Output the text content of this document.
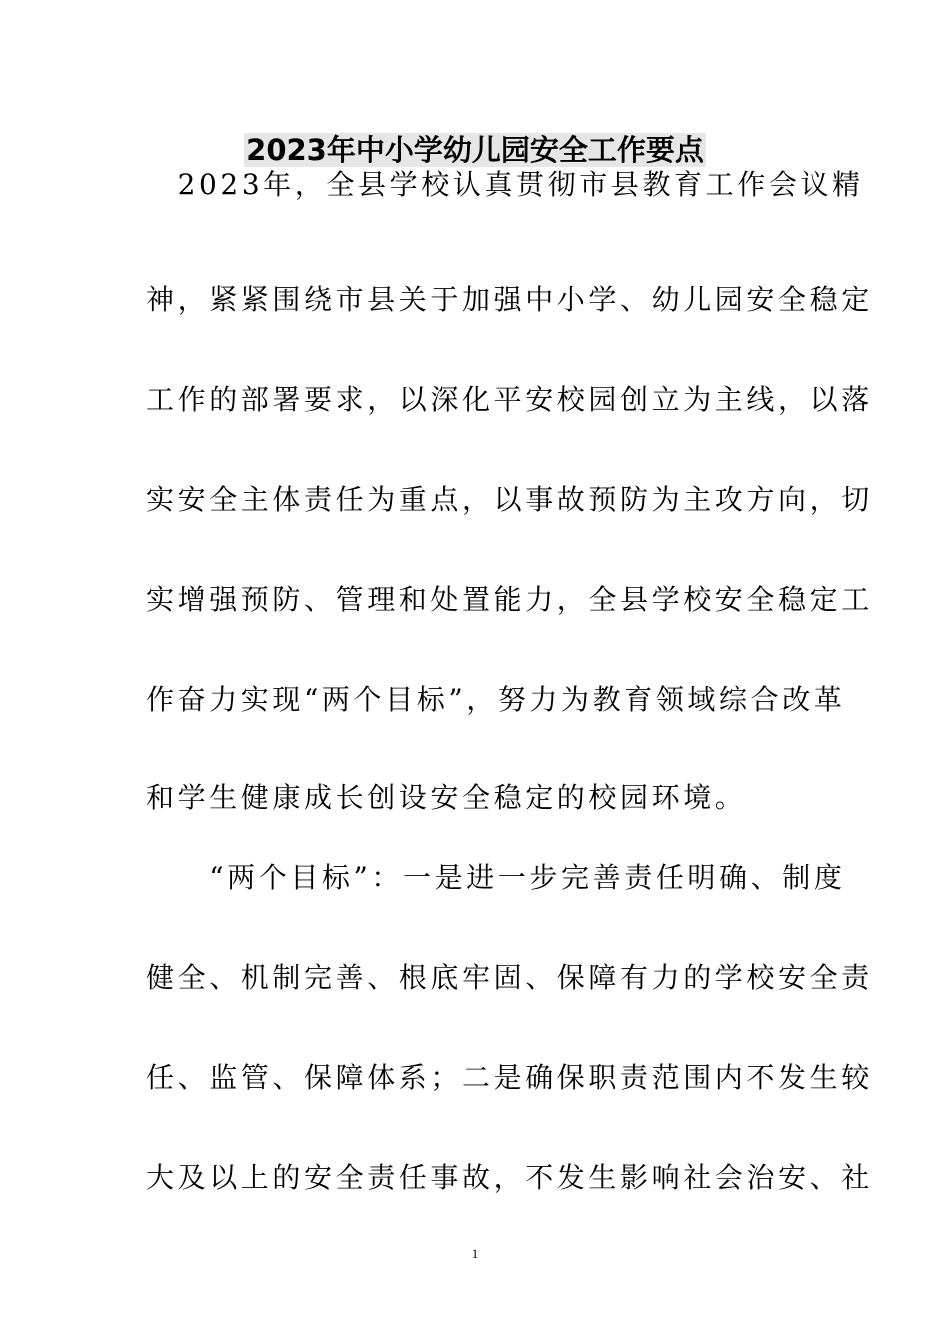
2023年中小学幼儿园安全工作要点
　2023年，全县学校认真贯彻市县教育工作会议精
神，紧紧围绕市县关于加强中小学、幼儿园安全稳定
工作的部署要求，以深化平安校园创立为主线，以落
实安全主体责任为重点，以事故预防为主攻方向，切
实增强预防、管理和处置能力，全县学校安全稳定工
作奋力实现“两个目标”，努力为教育领域综合改革
和学生健康成长创设安全稳定的校园环境。
　　“两个目标”：一是进一步完善责任明确、制度
健全、机制完善、根底牢固、保障有力的学校安全责
任、监管、保障体系；二是确保职责范围内不发生较
大及以上的安全责任事故，不发生影响社会治安、社
1
